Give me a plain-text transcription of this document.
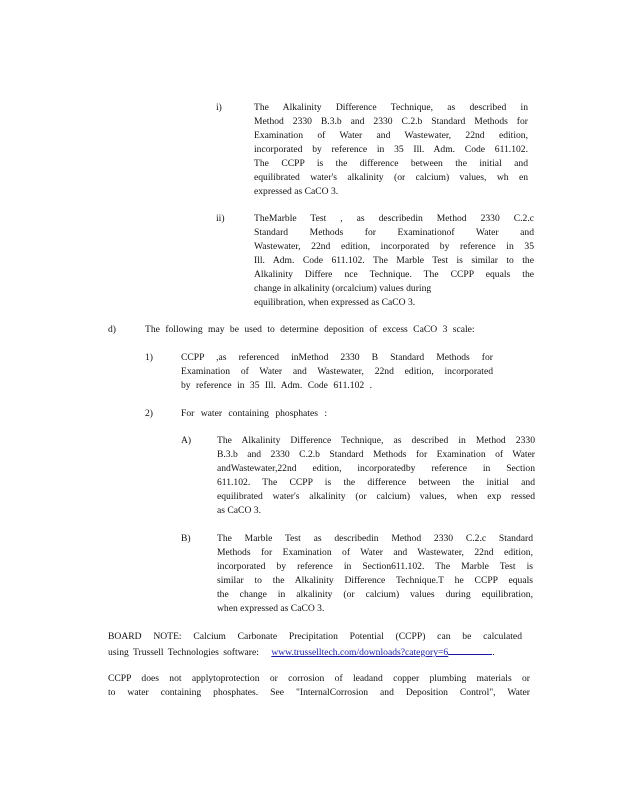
i)	The Alkalinity Difference Technique, as described in
Method 2330 B.3.b and 2330 C.2.b Standard Methods for
Examination of Water and Wastewater, 22nd edition,
incorporated by reference in 35 Ill. Adm. Code 611.102.
The CCPP is the difference between the initial and
equilibrated water's alkalinity (or calcium) values, wh en
expressed as CaCO 3.
ii)	TheMarble Test , as describedin Method 2330 C.2.c
Standard Methods for Examinationof Water and
Wastewater, 22nd edition, incorporated by reference in 35
Ill. Adm. Code 611.102. The Marble Test is similar to the
Alkalinity Differe nce Technique. The CCPP equals the
change in alkalinity (orcalcium) values during
equilibration, when expressed as CaCO 3.
d)	The following may be used to determine deposition of excess CaCO 3 scale:
1)	CCPP ,as referenced inMethod 2330 B Standard Methods for
Examination of Water and Wastewater, 22nd edition, incorporated
by reference in 35 Ill. Adm. Code 611.102 .
2)	For water containing phosphates :
A)	The Alkalinity Difference Technique, as described in Method 2330
B.3.b and 2330 C.2.b Standard Methods for Examination of Water
andWastewater,22nd edition, incorporatedby reference in Section
611.102. The CCPP is the difference between the initial and
equilibrated water's alkalinity (or calcium) values, when exp ressed
as CaCO 3.
B)	The Marble Test as describedin Method 2330 C.2.c Standard
Methods for Examination of Water and Wastewater, 22nd edition,
incorporated by reference in Section611.102. The Marble Test is
similar to the Alkalinity Difference Technique.T he CCPP equals
the change in alkalinity (or calcium) values during equilibration,
when expressed as CaCO 3.
BOARD NOTE: Calcium Carbonate Precipitation Potential (CCPP) can be calculated
using Trussell Technologies software: www.trusselltech.com/downloads?category=6	.
CCPP does not applytoprotection or corrosion of leadand copper plumbing materials or
to water containing phosphates. See "InternalCorrosion and Deposition Control", Water
